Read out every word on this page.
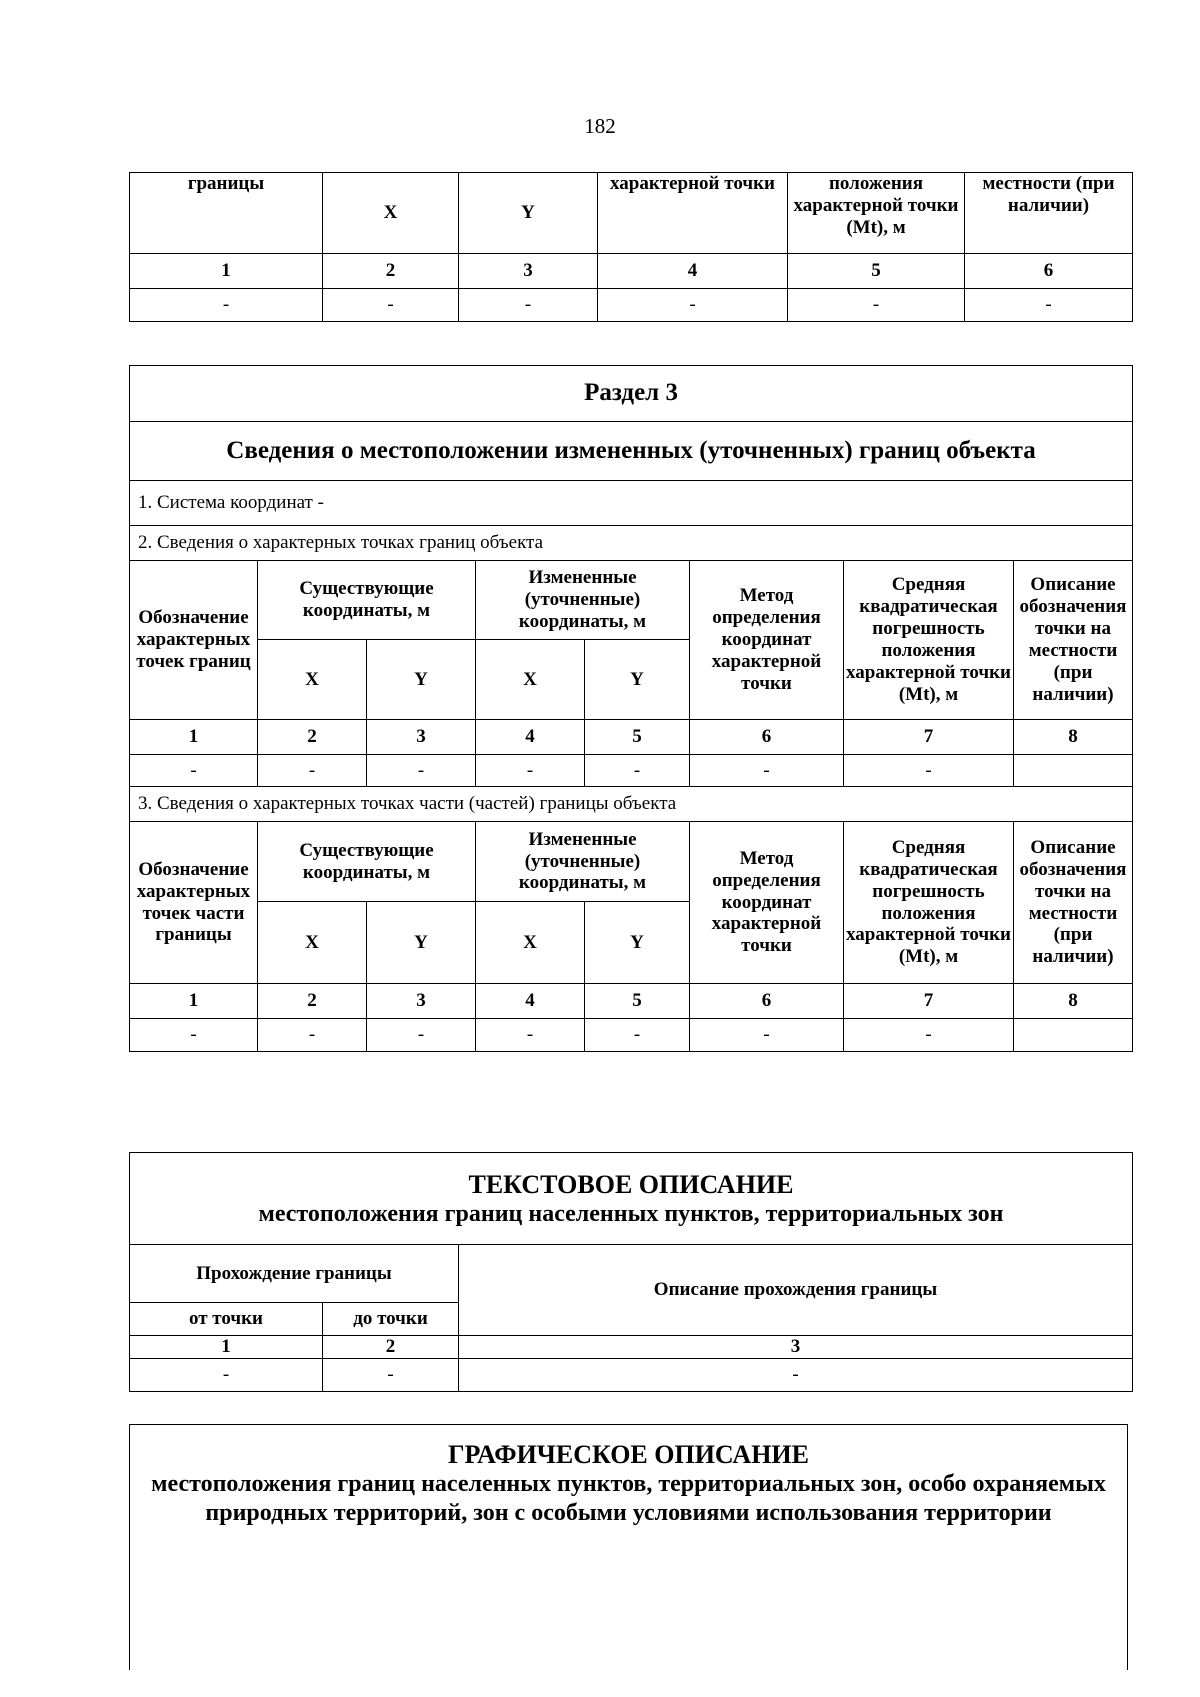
182
границы	X	Y	характерной точки	положения характерной точки (Mt), м	местности (при наличии)
1	2	3	4	5	6
-	-	-	-	-	-
Раздел 3							
Сведения о местоположении измененных (уточненных) границ объекта							
1. Система координат -							
2. Сведения о характерных точках границ объекта							
Обозначение характерных точек границ	Существующие координаты, м		Измененные (уточненные) координаты, м		Метод определения координат характерной точки	Средняя квадратическая погрешность положения характерной точки (Mt), м	Описание обозначения точки на местности (при наличии)
	X	Y	X	Y			
1	2	3	4	5	6	7	8
-	-	-	-	-	-	-	
3. Сведения о характерных точках части (частей) границы объекта							
Обозначение характерных точек части границы	Существующие координаты, м		Измененные (уточненные) координаты, м		Метод определения координат характерной точки	Средняя квадратическая погрешность положения характерной точки (Mt), м	Описание обозначения точки на местности (при наличии)
	X	Y	X	Y			
1	2	3	4	5	6	7	8
-	-	-	-	-	-	-	
ТЕКСТОВОЕ ОПИСАНИЕ
местоположения границ населенных пунктов, территориальных зон		

Прохождение границы		Описание прохождения границы
от точки	до точки	
1	2	3
-	-	-
ГРАФИЧЕСКОЕ ОПИСАНИЕ
местоположения границ населенных пунктов, территориальных зон, особо охраняемых природных территорий, зон с особыми условиями использования территории
